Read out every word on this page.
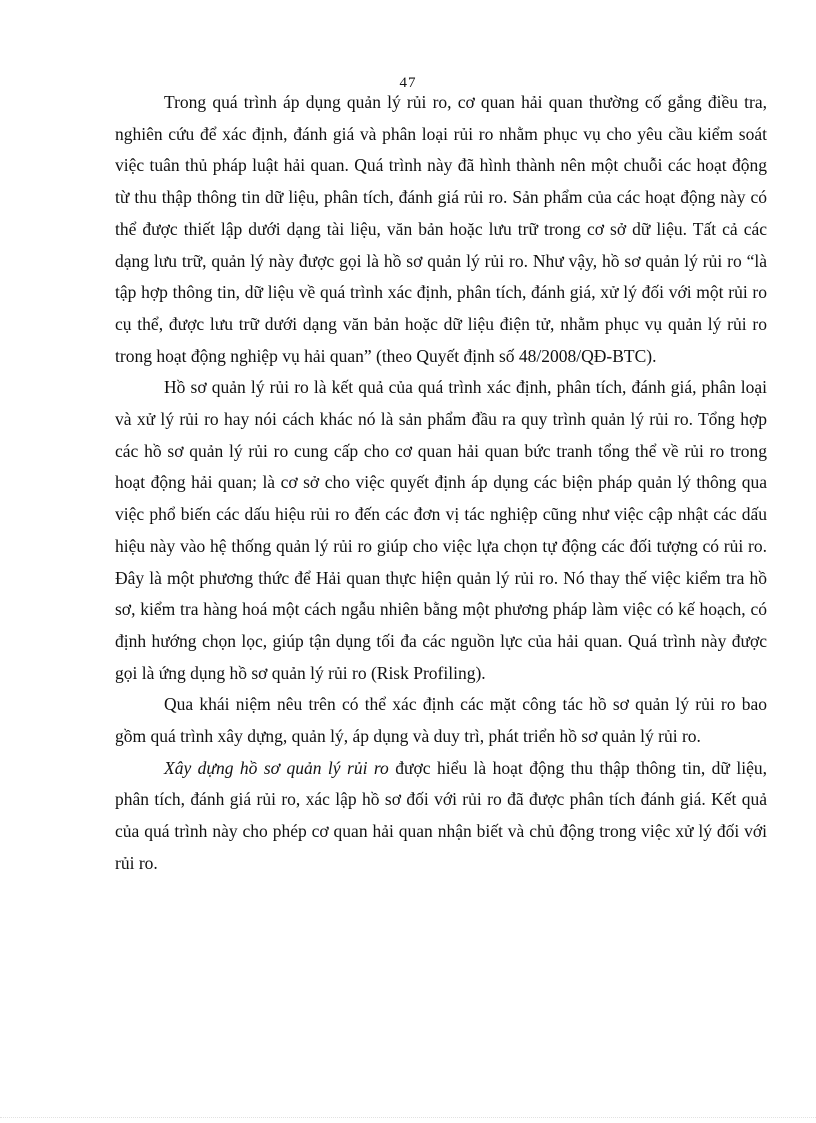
47

Trong quá trình áp dụng quản lý rủi ro, cơ quan hải quan thường cố gắng điều tra, nghiên cứu để xác định, đánh giá và phân loại rủi ro nhằm phục vụ cho yêu cầu kiểm soát việc tuân thủ pháp luật hải quan. Quá trình này đã hình thành nên một chuỗi các hoạt động từ thu thập thông tin dữ liệu, phân tích, đánh giá rủi ro. Sản phẩm của các hoạt động này có thể được thiết lập dưới dạng tài liệu, văn bản hoặc lưu trữ trong cơ sở dữ liệu. Tất cả các dạng lưu trữ, quản lý này được gọi là hồ sơ quản lý rủi ro. Như vậy, hồ sơ quản lý rủi ro “là tập hợp thông tin, dữ liệu về quá trình xác định, phân tích, đánh giá, xử lý đối với một rủi ro cụ thể, được lưu trữ dưới dạng văn bản hoặc dữ liệu điện tử, nhằm phục vụ quản lý rủi ro trong hoạt động nghiệp vụ hải quan” (theo Quyết định số 48/2008/QĐ-BTC).

Hồ sơ quản lý rủi ro là kết quả của quá trình xác định, phân tích, đánh giá, phân loại và xử lý rủi ro hay nói cách khác nó là sản phẩm đầu ra quy trình quản lý rủi ro. Tổng hợp các hồ sơ quản lý rủi ro cung cấp cho cơ quan hải quan bức tranh tổng thể về rủi ro trong hoạt động hải quan; là cơ sở cho việc quyết định áp dụng các biện pháp quản lý thông qua việc phổ biến các dấu hiệu rủi ro đến các đơn vị tác nghiệp cũng như việc cập nhật các dấu hiệu này vào hệ thống quản lý rủi ro giúp cho việc lựa chọn tự động các đối tượng có rủi ro. Đây là một phương thức để Hải quan thực hiện quản lý rủi ro. Nó thay thế việc kiểm tra hồ sơ, kiểm tra hàng hoá một cách ngẫu nhiên bằng một phương pháp làm việc có kế hoạch, có định hướng chọn lọc, giúp tận dụng tối đa các nguồn lực của hải quan. Quá trình này được gọi là ứng dụng hồ sơ quản lý rủi ro (Risk Profiling).

Qua khái niệm nêu trên có thể xác định các mặt công tác hồ sơ quản lý rủi ro bao gồm quá trình xây dựng, quản lý, áp dụng và duy trì, phát triển hồ sơ quản lý rủi ro.

Xây dựng hồ sơ quản lý rủi ro được hiểu là hoạt động thu thập thông tin, dữ liệu, phân tích, đánh giá rủi ro, xác lập hồ sơ đối với rủi ro đã được phân tích đánh giá. Kết quả của quá trình này cho phép cơ quan hải quan nhận biết và chủ động trong việc xử lý đối với rủi ro.
